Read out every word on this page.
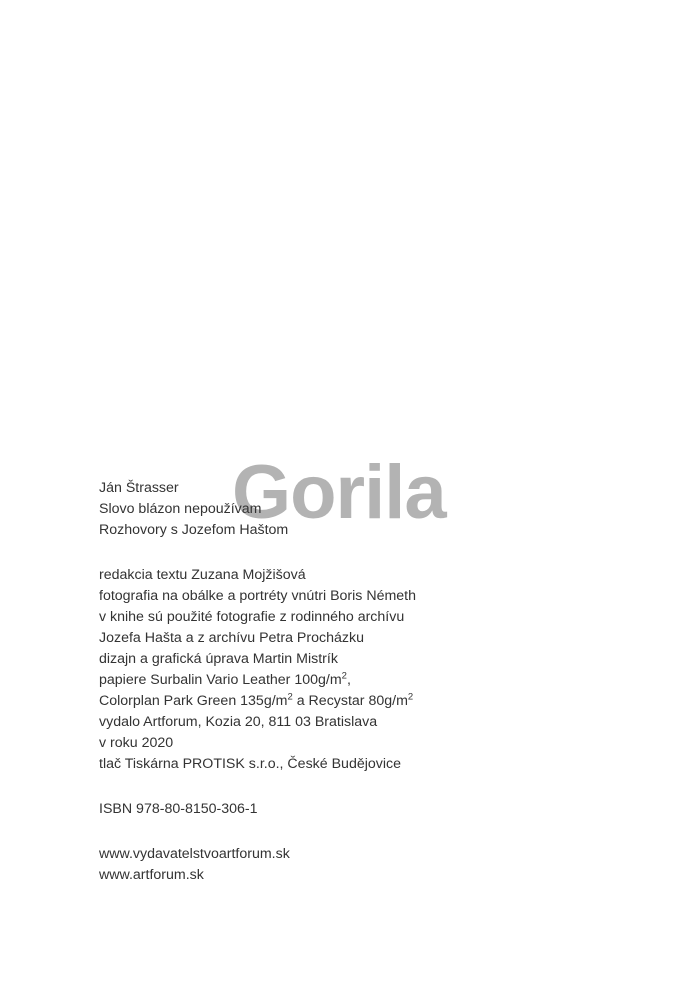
Gorila
Ján Štrasser
Slovo blázon nepoužívam
Rozhovory s Jozefom Haštom
redakcia textu Zuzana Mojžišová
fotografia na obálke a portréty vnútri Boris Németh
v knihe sú použité fotografie z rodinného archívu
Jozefa Hašta a z archívu Petra Procházku
dizajn a grafická úprava Martin Mistrík
papiere Surbalin Vario Leather $100g/m^2$,
Colorplan Park Green $135g/m^2$ a Recystar $80g/m^2$
vydalo Artforum, Kozia 20, 811 03 Bratislava
v roku 2020
tlač Tiskárna PROTISK s.r.o., České Budějovice
ISBN 978-80-8150-306-1
www.vydavatelstvoartforum.sk
www.artforum.sk
